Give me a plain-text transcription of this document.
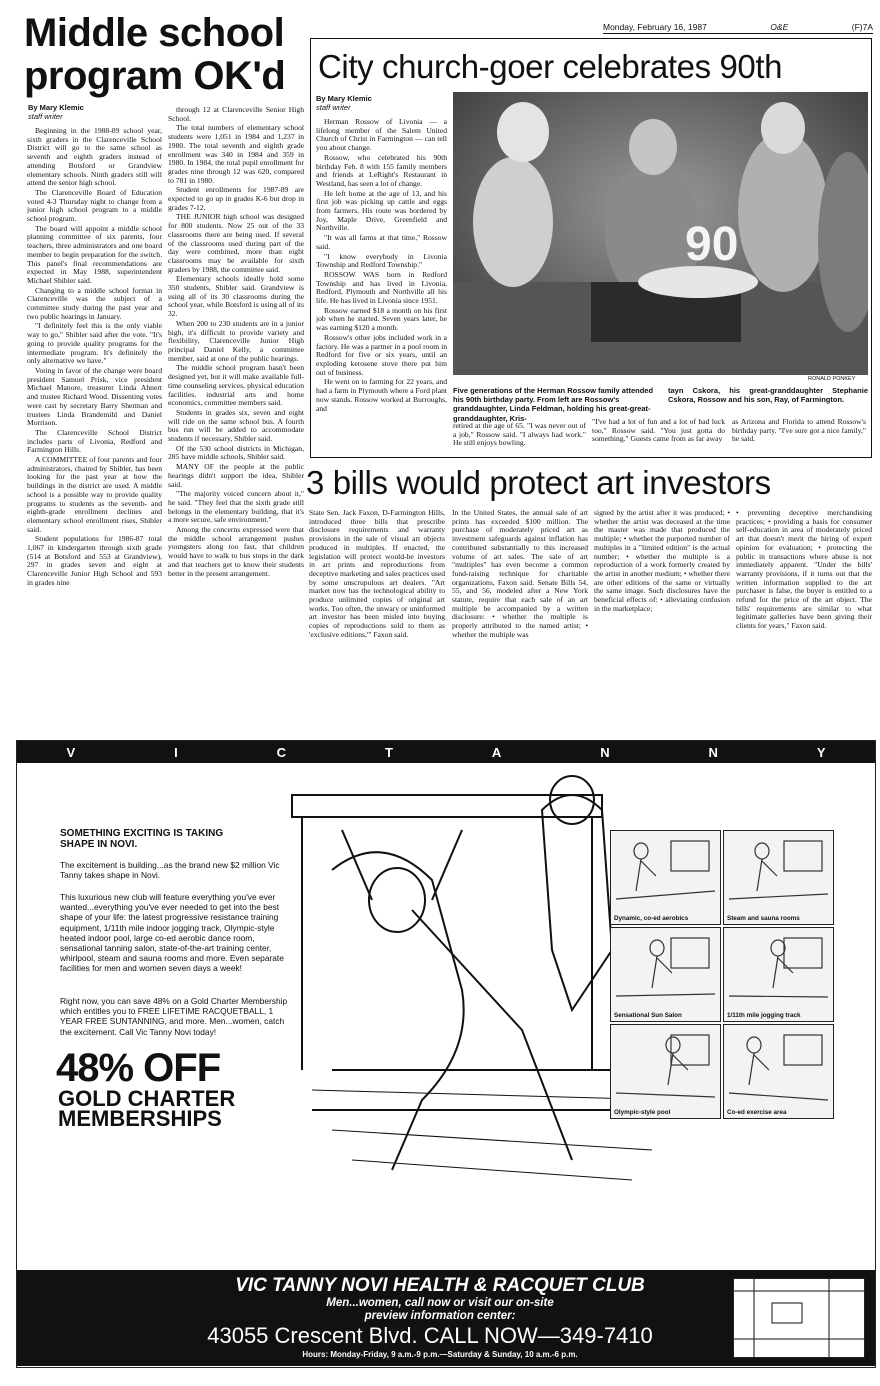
Monday, February 16, 1987	O&E	(F)7A
Middle school
program OK'd
By Mary Klemic
staff writer

Beginning in the 1988-89 school year, sixth graders in the Clarenceville School District will go to the same school as seventh and eighth graders instead of attending Botsford or Grandview elementary schools. Ninth graders still will attend the senior high school.

The Clarenceville Board of Education voted 4-3 Thursday night to change from a junior high school program to a middle school program.

The board will appoint a middle school planning committee of six parents, four teachers, three administrators and one board member to begin preparation for the switch. This panel's final recommendations are expected in May 1988, superintendent Michael Shibler said.

Changing to a middle school format in Clarenceville was the subject of a committee study during the past year and two public hearings in January.

"I definitely feel this is the only viable way to go," Shibler said after the vote. "It's going to provide quality programs for the intermediate program. It's definitely the only alternative we have."

Voting in favor of the change were board president Samuel Prisk, vice president Michael Manore, treasurer Linda Ahnert and trustee Richard Wood. Dissenting votes were cast by secretary Barry Sherman and trustees Linda Brandemihl and Daniel Morrison.

The Clarenceville School District includes parts of Livonia, Redford and Farmington Hills.

A COMMITTEE of four parents and four administrators, chaired by Shibler, has been looking for the past year at how the buildings in the district are used. A middle school is a possible way to provide quality programs to students as the seventh- and eighth-grade enrollment declines and elementary school enrollment rises, Shibler said.

Student populations for 1986-87 total 1,067 in kindergarten through sixth grade (514 at Botsford and 553 at Grandview), 297 in grades seven and eight at Clarenceville Junior High School and 593 in grades nine

through 12 at Clarenceville Senior High School.

The total numbers of elementary school students were 1,051 in 1984 and 1,237 in 1980. The total seventh and eighth grade enrollment was 340 in 1984 and 359 in 1980. In 1984, the total pupil enrollment for grades nine through 12 was 620, compared to 781 in 1980.

Student enrollments for 1987-89 are expected to go up in grades K-6 but drop in grades 7-12.

THE JUNIOR high school was designed for 800 students. Now 25 out of the 33 classrooms there are being used. If several of the classrooms used during part of the day were combined, more than eight classrooms may be available for sixth graders by 1988, the committee said.

Elementary schools ideally hold some 350 students, Shibler said. Grandview is using all of its 30 classrooms during the school year, while Botsford is using all of its 32.

When 200 to 230 students are in a junior high, it's difficult to provide variety and flexibility, Clarenceville Junior High principal Daniel Kelly, a committee member, said at one of the public hearings.

The middle school program hasn't been designed yet, but it will make available full-time counseling services, physical education facilities, industrial arts and home economics, committee members said.

Students in grades six, seven and eight will ride on the same school bus. A fourth bus run will be added to accommodate students if necessary, Shibler said.

Of the 530 school districts in Michigan, 285 have middle schools, Shibler said.

MANY OF the people at the public hearings didn't support the idea, Shibler said.

"The majority voiced concern about it," he said. "They feel that the sixth grade still belongs in the elementary building, that it's a more secure, safe environment."

Among the concerns expressed were that the middle school arrangement pushes youngsters along too fast, that children would have to walk to bus stops in the dark and that teachers get to know their students better in the present arrangement.

City church-goer celebrates 90th
By Mary Klemic
staff writer

Herman Rossow of Livonia — a lifelong member of the Salem United Church of Christ in Farmington — can tell you about change.

Rossow, who celebrated his 90th birthday Feb. 8 with 155 family members and friends at LeRight's Restaurant in Westland, has seen a lot of change.

He left home at the age of 13, and his first job was picking up cattle and eggs from farmers. His route was bordered by Joy, Maple Drive, Greenfield and Northville.

"It was all farms at that time," Rossow said.

"I know everybody in Livonia Township and Redford Township."

ROSSOW WAS born in Redford Township and has lived in Livonia, Redford, Plymouth and Northville all his life. He has lived in Livonia since 1951.

Rossow earned $18 a month on his first job when he started. Seven years later, he was earning $120 a month.

Rossow's other jobs included work in a factory. He was a partner in a pool room in Redford for five or six years, until an exploding kerosene stove there put him out of business.

He went on to farming for 22 years, and had a farm in Plymouth where a Ford plant now stands. Rossow worked at Burroughs, and

90
RONALD PONKEY
Five generations of the Herman Rossow family attended his 90th birthday party. From left are Rossow's granddaughter, Linda Feldman, holding his great-great-granddaughter, Kris-
tayn Cskora, his great-granddaughter Stephanie Cskora, Rossow and his son, Ray, of Farmington.
retired at the age of 65. "I was never out of a job," Rossow said. "I always had work." He still enjoys bowling.
"I've had a lot of fun and a lot of bad luck too," Rossow said. "You just gotta do something." Guests came from as far away
as Arizona and Florida to attend Rossow's birthday party. "I've sure got a nice family," he said.
3 bills would protect art investors
State Sen. Jack Faxon, D-Farmington Hills, introduced three bills that prescribe disclosure requirements and warranty provisions in the sale of visual art objects produced in multiples. If enacted, the legislation will protect would-be investors in art prints and reproductions from deceptive marketing and sales practices used by some unscrupulous art dealers. "Art market now has the technological ability to produce unlimited copies of original art works. Too often, the unwary or uninformed art investor has been misled into buying copies of reproductions sold to them as 'exclusive editions,'" Faxon said.
In the United States, the annual sale of art prints has exceeded $100 million. The purchase of moderately priced art as investment safeguards against inflation has contributed substantially to this increased volume of art sales. The sale of art "multiples" has even become a common fund-raising technique for charitable organizations, Faxon said. Senate Bills 54, 55, and 56, modeled after a New York statute, require that each sale of an art multiple be accompanied by a written disclosure: • whether the multiple is properly attributed to the named artist; • whether the multiple was
signed by the artist after it was produced; • whether the artist was deceased at the time the master was made that produced the multiple; • whether the purported number of multiples in a "limited edition" is the actual number; • whether the multiple is a reproduction of a work formerly created by the artist in another medium; • whether there are other editions of the same or virtually the same image. Such disclosures have the beneficial effects of: • alleviating confusion in the marketplace;
• preventing deceptive merchandising practices; • providing a basis for consumer self-education in area of moderately priced art that doesn't merit the hiring of expert opinion for evaluation; • protecting the public in transactions where abuse is not immediately apparent. "Under the bills' warranty provisions, if it turns out that the written information supplied to the art purchaser is false, the buyer is entitled to a refund for the price of the art object. The bills' requirements are similar to what legitimate galleries have been giving their clients for years," Faxon said.
V	I	C	T	A	N	N	Y
SOMETHING EXCITING IS TAKING
SHAPE IN NOVI.
The excitement is building...as the brand new $2 million Vic Tanny takes shape in Novi.
This luxurious new club will feature everything you've ever wanted...everything you've ever needed to get into the best shape of your life: the latest progressive resistance training equipment, 1/11th mile indoor jogging track, Olympic-style heated indoor pool, large co-ed aerobic dance room, sensational tanning salon, state-of-the-art training center, whirlpool, steam and sauna rooms and more. Even separate facilities for men and women seven days a week!
Right now, you can save 48% on a Gold Charter Membership which entitles you to FREE LIFETIME RACQUETBALL, 1 YEAR FREE SUNTANNING, and more. Men...women, catch the excitement. Call Vic Tanny Novi today!
48% OFF
GOLD CHARTER
MEMBERSHIPS
Dynamic, co-ed aerobics	Steam and sauna rooms
Sensational Sun Salon	1/11th mile jogging track
Olympic-style pool	Co-ed exercise area
VIC TANNY NOVI HEALTH & RACQUET CLUB
Men...women, call now or visit our on-site
preview information center:
43055 Crescent Blvd. CALL NOW—349-7410
Hours: Monday-Friday, 9 a.m.-9 p.m.—Saturday & Sunday, 10 a.m.-6 p.m.
